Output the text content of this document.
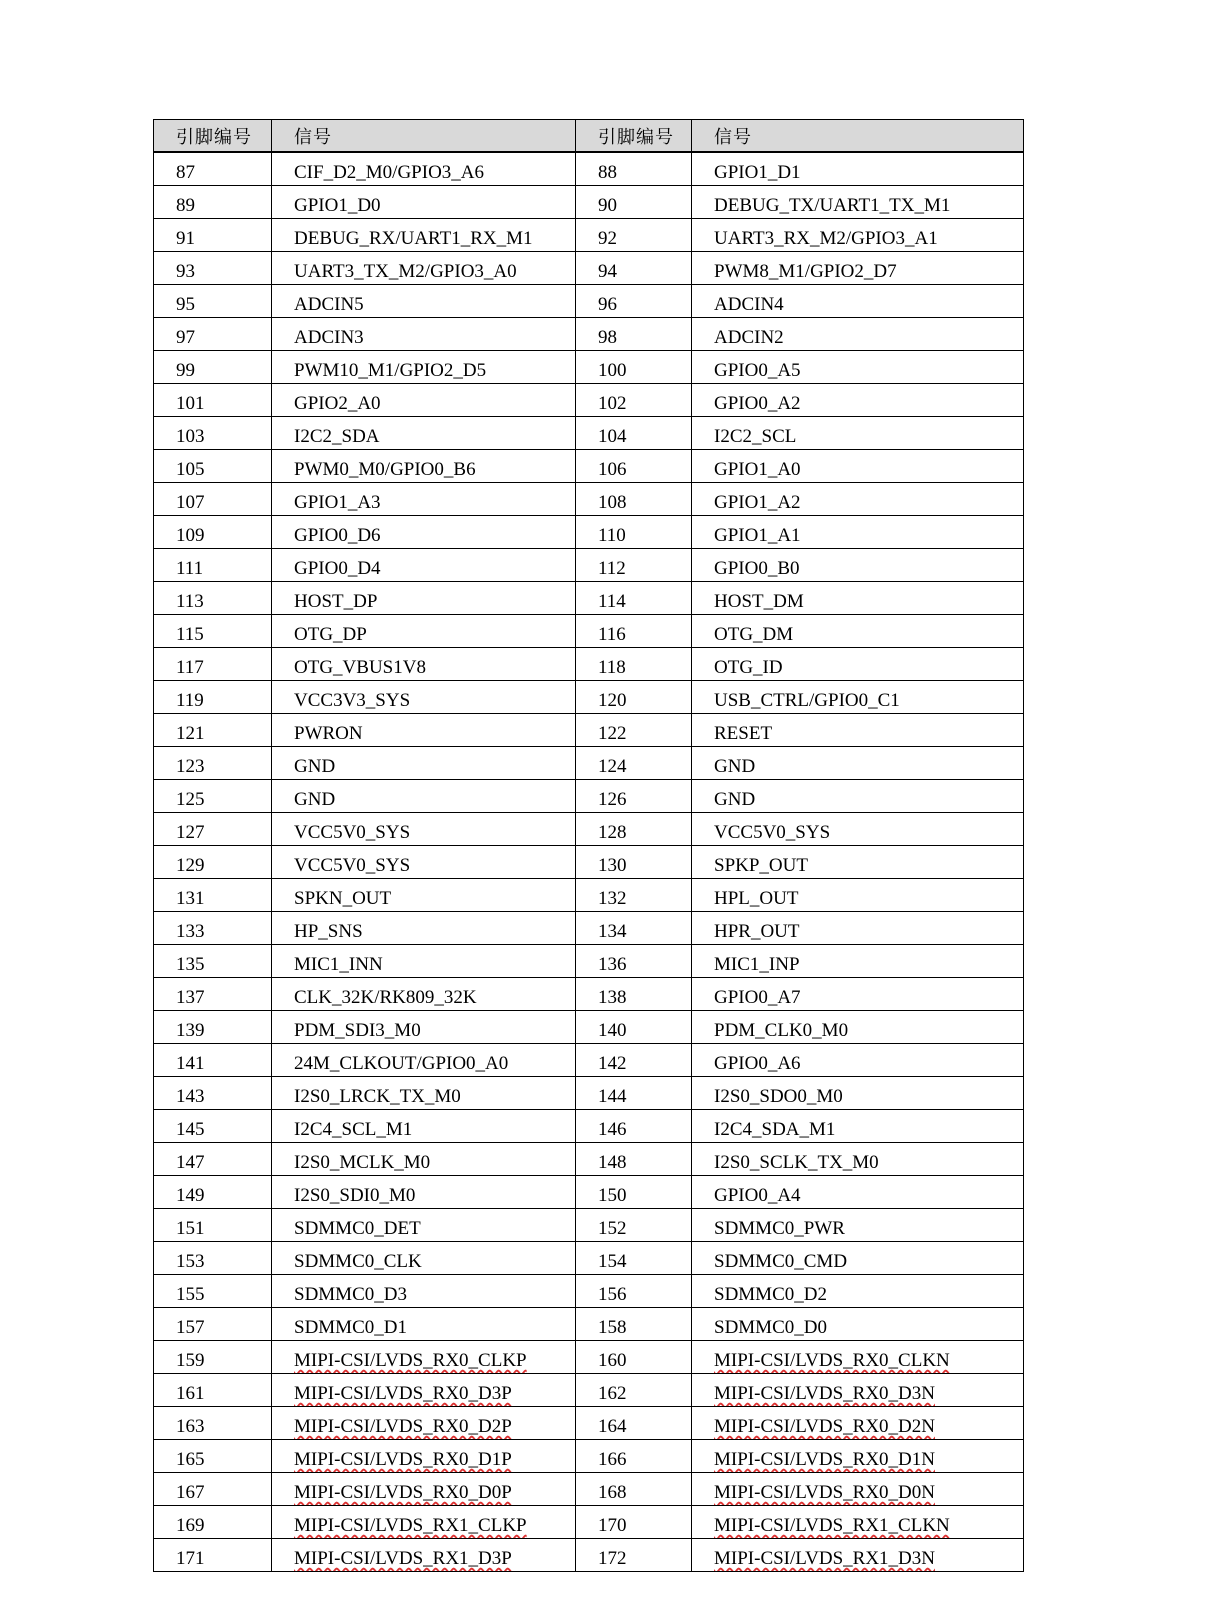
引脚编号	信号	引脚编号	信号
87	CIF_D2_M0/GPIO3_A6	88	GPIO1_D1
89	GPIO1_D0	90	DEBUG_TX/UART1_TX_M1
91	DEBUG_RX/UART1_RX_M1	92	UART3_RX_M2/GPIO3_A1
93	UART3_TX_M2/GPIO3_A0	94	PWM8_M1/GPIO2_D7
95	ADCIN5	96	ADCIN4
97	ADCIN3	98	ADCIN2
99	PWM10_M1/GPIO2_D5	100	GPIO0_A5
101	GPIO2_A0	102	GPIO0_A2
103	I2C2_SDA	104	I2C2_SCL
105	PWM0_M0/GPIO0_B6	106	GPIO1_A0
107	GPIO1_A3	108	GPIO1_A2
109	GPIO0_D6	110	GPIO1_A1
111	GPIO0_D4	112	GPIO0_B0
113	HOST_DP	114	HOST_DM
115	OTG_DP	116	OTG_DM
117	OTG_VBUS1V8	118	OTG_ID
119	VCC3V3_SYS	120	USB_CTRL/GPIO0_C1
121	PWRON	122	RESET
123	GND	124	GND
125	GND	126	GND
127	VCC5V0_SYS	128	VCC5V0_SYS
129	VCC5V0_SYS	130	SPKP_OUT
131	SPKN_OUT	132	HPL_OUT
133	HP_SNS	134	HPR_OUT
135	MIC1_INN	136	MIC1_INP
137	CLK_32K/RK809_32K	138	GPIO0_A7
139	PDM_SDI3_M0	140	PDM_CLK0_M0
141	24M_CLKOUT/GPIO0_A0	142	GPIO0_A6
143	I2S0_LRCK_TX_M0	144	I2S0_SDO0_M0
145	I2C4_SCL_M1	146	I2C4_SDA_M1
147	I2S0_MCLK_M0	148	I2S0_SCLK_TX_M0
149	I2S0_SDI0_M0	150	GPIO0_A4
151	SDMMC0_DET	152	SDMMC0_PWR
153	SDMMC0_CLK	154	SDMMC0_CMD
155	SDMMC0_D3	156	SDMMC0_D2
157	SDMMC0_D1	158	SDMMC0_D0
159	MIPI-CSI/LVDS_RX0_CLKP	160	MIPI-CSI/LVDS_RX0_CLKN
161	MIPI-CSI/LVDS_RX0_D3P	162	MIPI-CSI/LVDS_RX0_D3N
163	MIPI-CSI/LVDS_RX0_D2P	164	MIPI-CSI/LVDS_RX0_D2N
165	MIPI-CSI/LVDS_RX0_D1P	166	MIPI-CSI/LVDS_RX0_D1N
167	MIPI-CSI/LVDS_RX0_D0P	168	MIPI-CSI/LVDS_RX0_D0N
169	MIPI-CSI/LVDS_RX1_CLKP	170	MIPI-CSI/LVDS_RX1_CLKN
171	MIPI-CSI/LVDS_RX1_D3P	172	MIPI-CSI/LVDS_RX1_D3N
